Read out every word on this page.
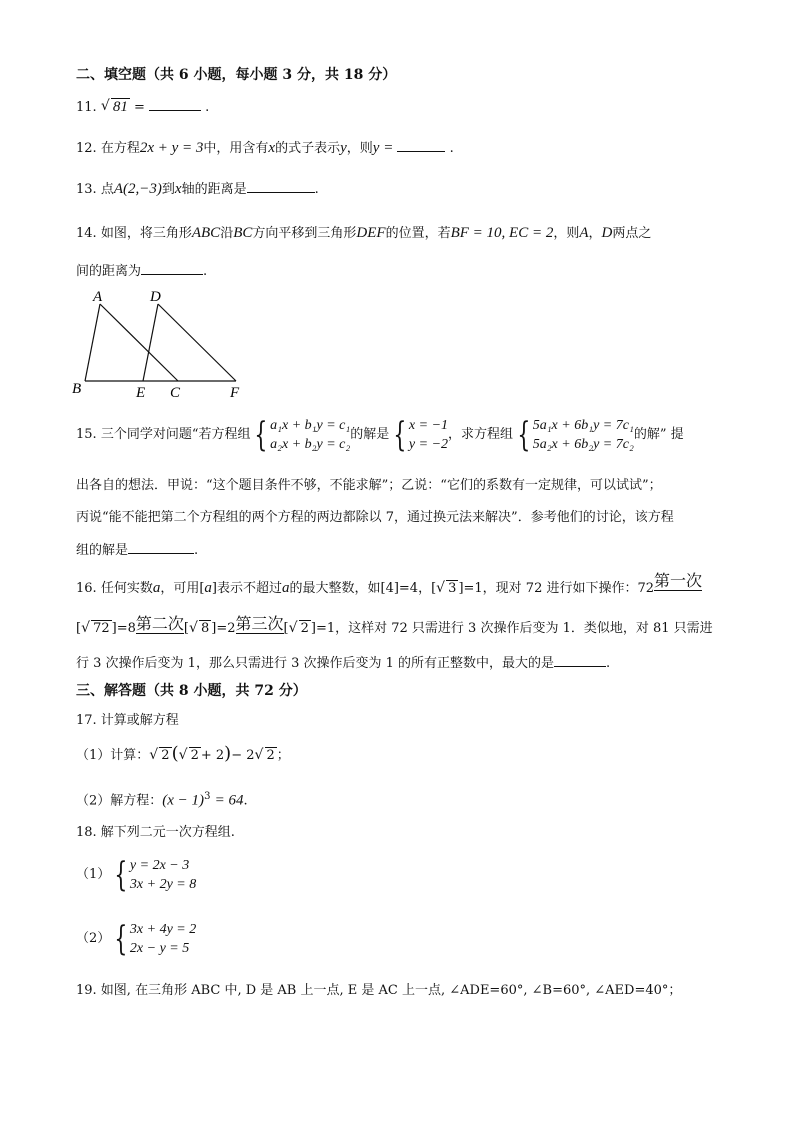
二、填空题（共 6 小题，每小题 3 分，共 18 分）
11. √ 81 =	.
12. 在方程2x + y = 3中，用含有x的式子表示y，则y =	.
13. 点A(2,−3)到x轴的距离是	.
14. 如图，将三角形ABC沿BC方向平移到三角形DEF的位置，若BF = 10, EC = 2，则A，D两点之
间的距离为	.
A	D
B	E C	F
15.
三个同学对问题“若方程组 { a₁x + b₁y = c₁
a₂x + b₂y = c₂
的解是 { x = −1
y = −2
，求方程组 { 5a₁x + 6b₁y = 7c₁
5a₂x + 6b₂y = 7c₂
的解” 提
出各自的想法．甲说：“这个题目条件不够，不能求解”；乙说：“它们的系数有一定规律，可以试试”；
丙说“能不能把第二个方程组的两个方程的两边都除以 7，通过换元法来解决”．参考他们的讨论，该方程
组的解是	.
16. 任何实数a，可用[a]表示不超过a的最大整数，如[4]=4，[ √ 3 ]=1，现对 72 进行如下操作：72第一次
[ √ 72 ]=8第二次[ √ 8 ]=2第三次[ √ 2 ]=1，这样对 72 只需进行 3 次操作后变为 1．类似地，对 81 只需进
行 3 次操作后变为 1，那么只需进行 3 次操作后变为 1 的所有正整数中，最大的是	.
三、解答题（共 8 小题，共 72 分）
17. 计算或解方程
（1）计算： √ 2 ( √ 2 + 2)− 2 √ 2 ；
（2）解方程：$(x - 1)^3 = 64$.
18. 解下列二元一次方程组.
（1） { y = 2x − 3
3x + 2y = 8
（2） { 3x + 4y = 2
2x − y = 5
19. 如图, 在三角形 ABC 中, D 是 AB 上一点, E 是 AC 上一点, ∠ADE=60°, ∠B=60°, ∠AED=40°；
